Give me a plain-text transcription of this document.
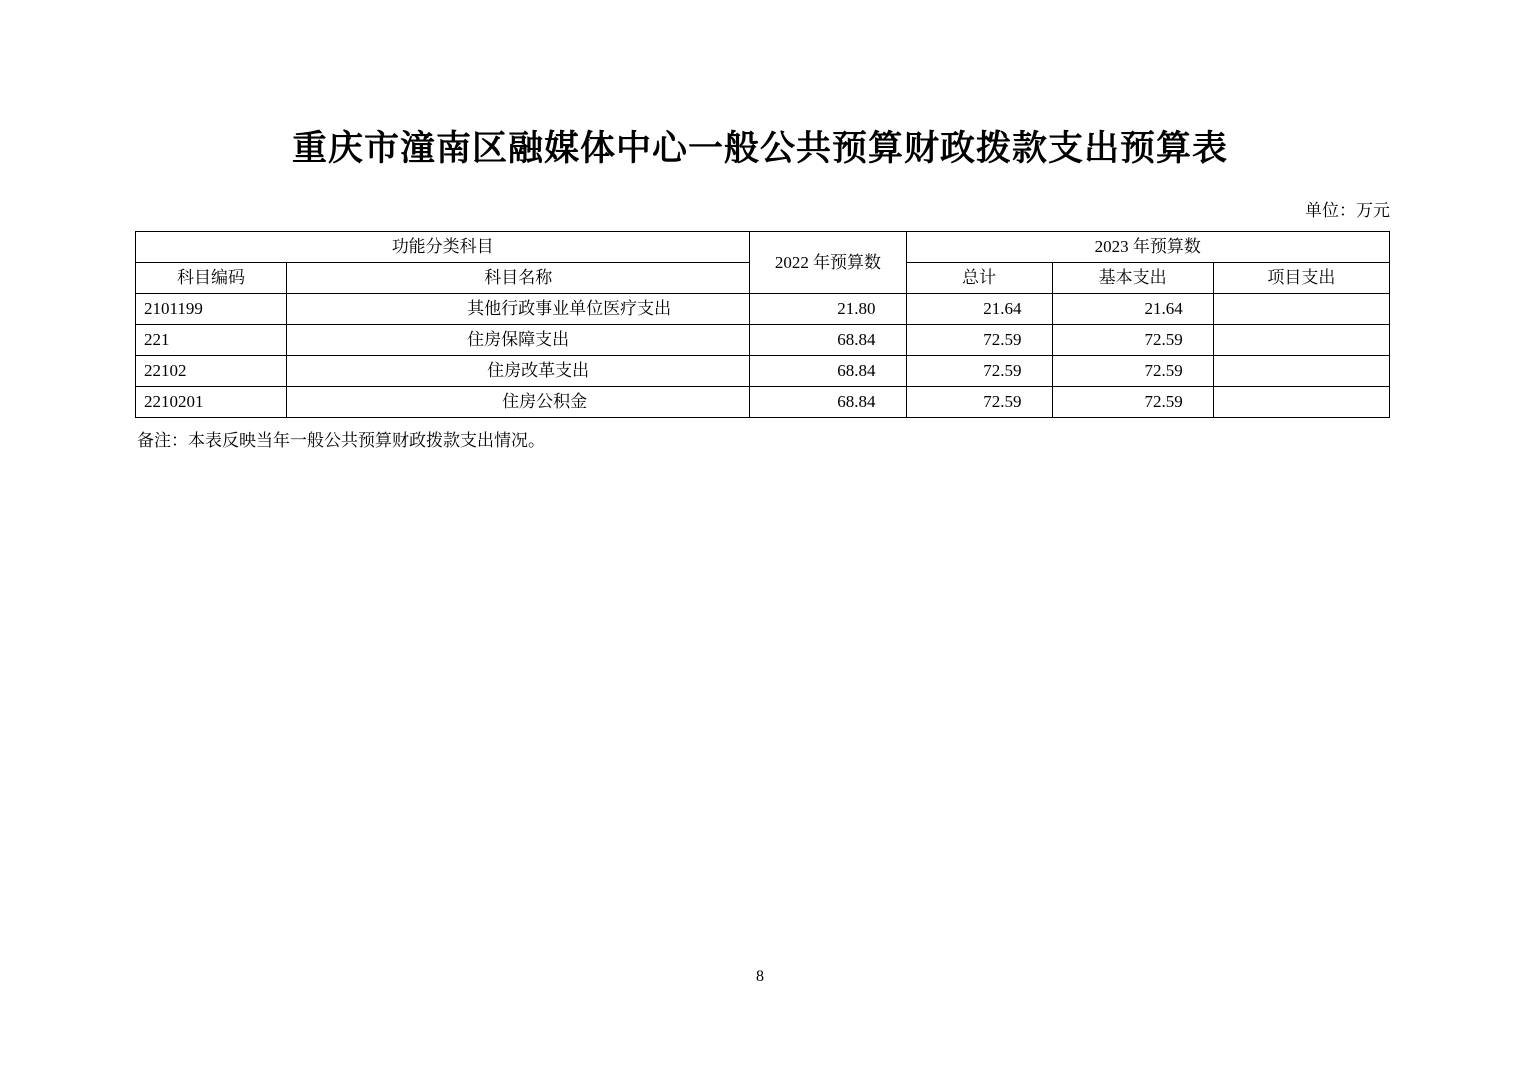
重庆市潼南区融媒体中心一般公共预算财政拨款支出预算表
单位：万元
功能分类科目		2022 年预算数	2023 年预算数		
科目编码	科目名称		总计	基本支出	项目支出
2101199	其他行政事业单位医疗支出	21.80	21.64	21.64	
221	住房保障支出	68.84	72.59	72.59	
22102	住房改革支出	68.84	72.59	72.59	
2210201	住房公积金	68.84	72.59	72.59	
备注：本表反映当年一般公共预算财政拨款支出情况。
8
